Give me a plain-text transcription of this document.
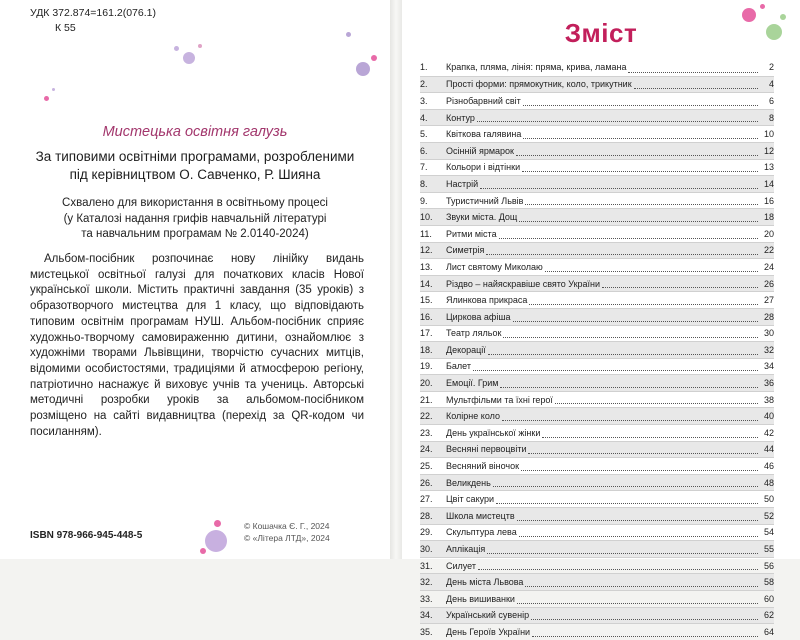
УДК 372.874=161.2(076.1)
К 55
Мистецька освітня галузь
За типовими освітніми програмами, розробленими
під керівництвом О. Савченко, Р. Шияна
Схвалено для використання в освітньому процесі
(у Каталозі надання грифів навчальній літературі
та навчальним програмам № 2.0140-2024)
Альбом-посібник розпочинає нову лінійку видань мистецької освітньої галузі для початкових класів Нової української школи. Містить практичні завдання (35 уроків) з образотворчого мистецтва для 1 класу, що відповідають типовим освітнім програмам НУШ. Альбом-посібник сприяє художньо-творчому самовираженню дитини, ознайомлює з художніми творами Львівщини, творчістю сучасних митців, відомими особистостями, традиціями й атмосферою регіону, патріотично наснажує й виховує учнів та учениць. Авторські методичні розробки уроків за альбомом-посібником розміщено на сайті видавництва (перехід за QR-кодом чи посиланням).
ISBN 978-966-945-448-5
© Кошачка Є. Г., 2024
© «Літера ЛТД», 2024
Зміст
1.	Крапка, пляма, лінія: пряма, крива, ламана	2
2.	Прості форми: прямокутник, коло, трикутник	4
3.	Різнобарвний світ	6
4.	Контур	8
5.	Квіткова галявина	10
6.	Осінній ярмарок	12
7.	Кольори і відтінки	13
8.	Настрій	14
9.	Туристичний Львів	16
10.	Звуки міста. Дощ	18
11.	Ритми міста	20
12.	Симетрія	22
13.	Лист святому Миколаю	24
14.	Різдво – найяскравіше свято України	26
15.	Ялинкова прикраса	27
16.	Циркова афіша	28
17.	Театр ляльок	30
18.	Декорації	32
19.	Балет	34
20.	Емоції. Грим	36
21.	Мультфільми та їхні герої	38
22.	Колірне коло	40
23.	День української жінки	42
24.	Весняні первоцвіти	44
25.	Весняний віночок	46
26.	Великдень	48
27.	Цвіт сакури	50
28.	Школа мистецтв	52
29.	Скульптура лева	54
30.	Аплікація	55
31.	Силует	56
32.	День міста Львова	58
33.	День вишиванки	60
34.	Український сувенір	62
35.	День Героїв України	64
